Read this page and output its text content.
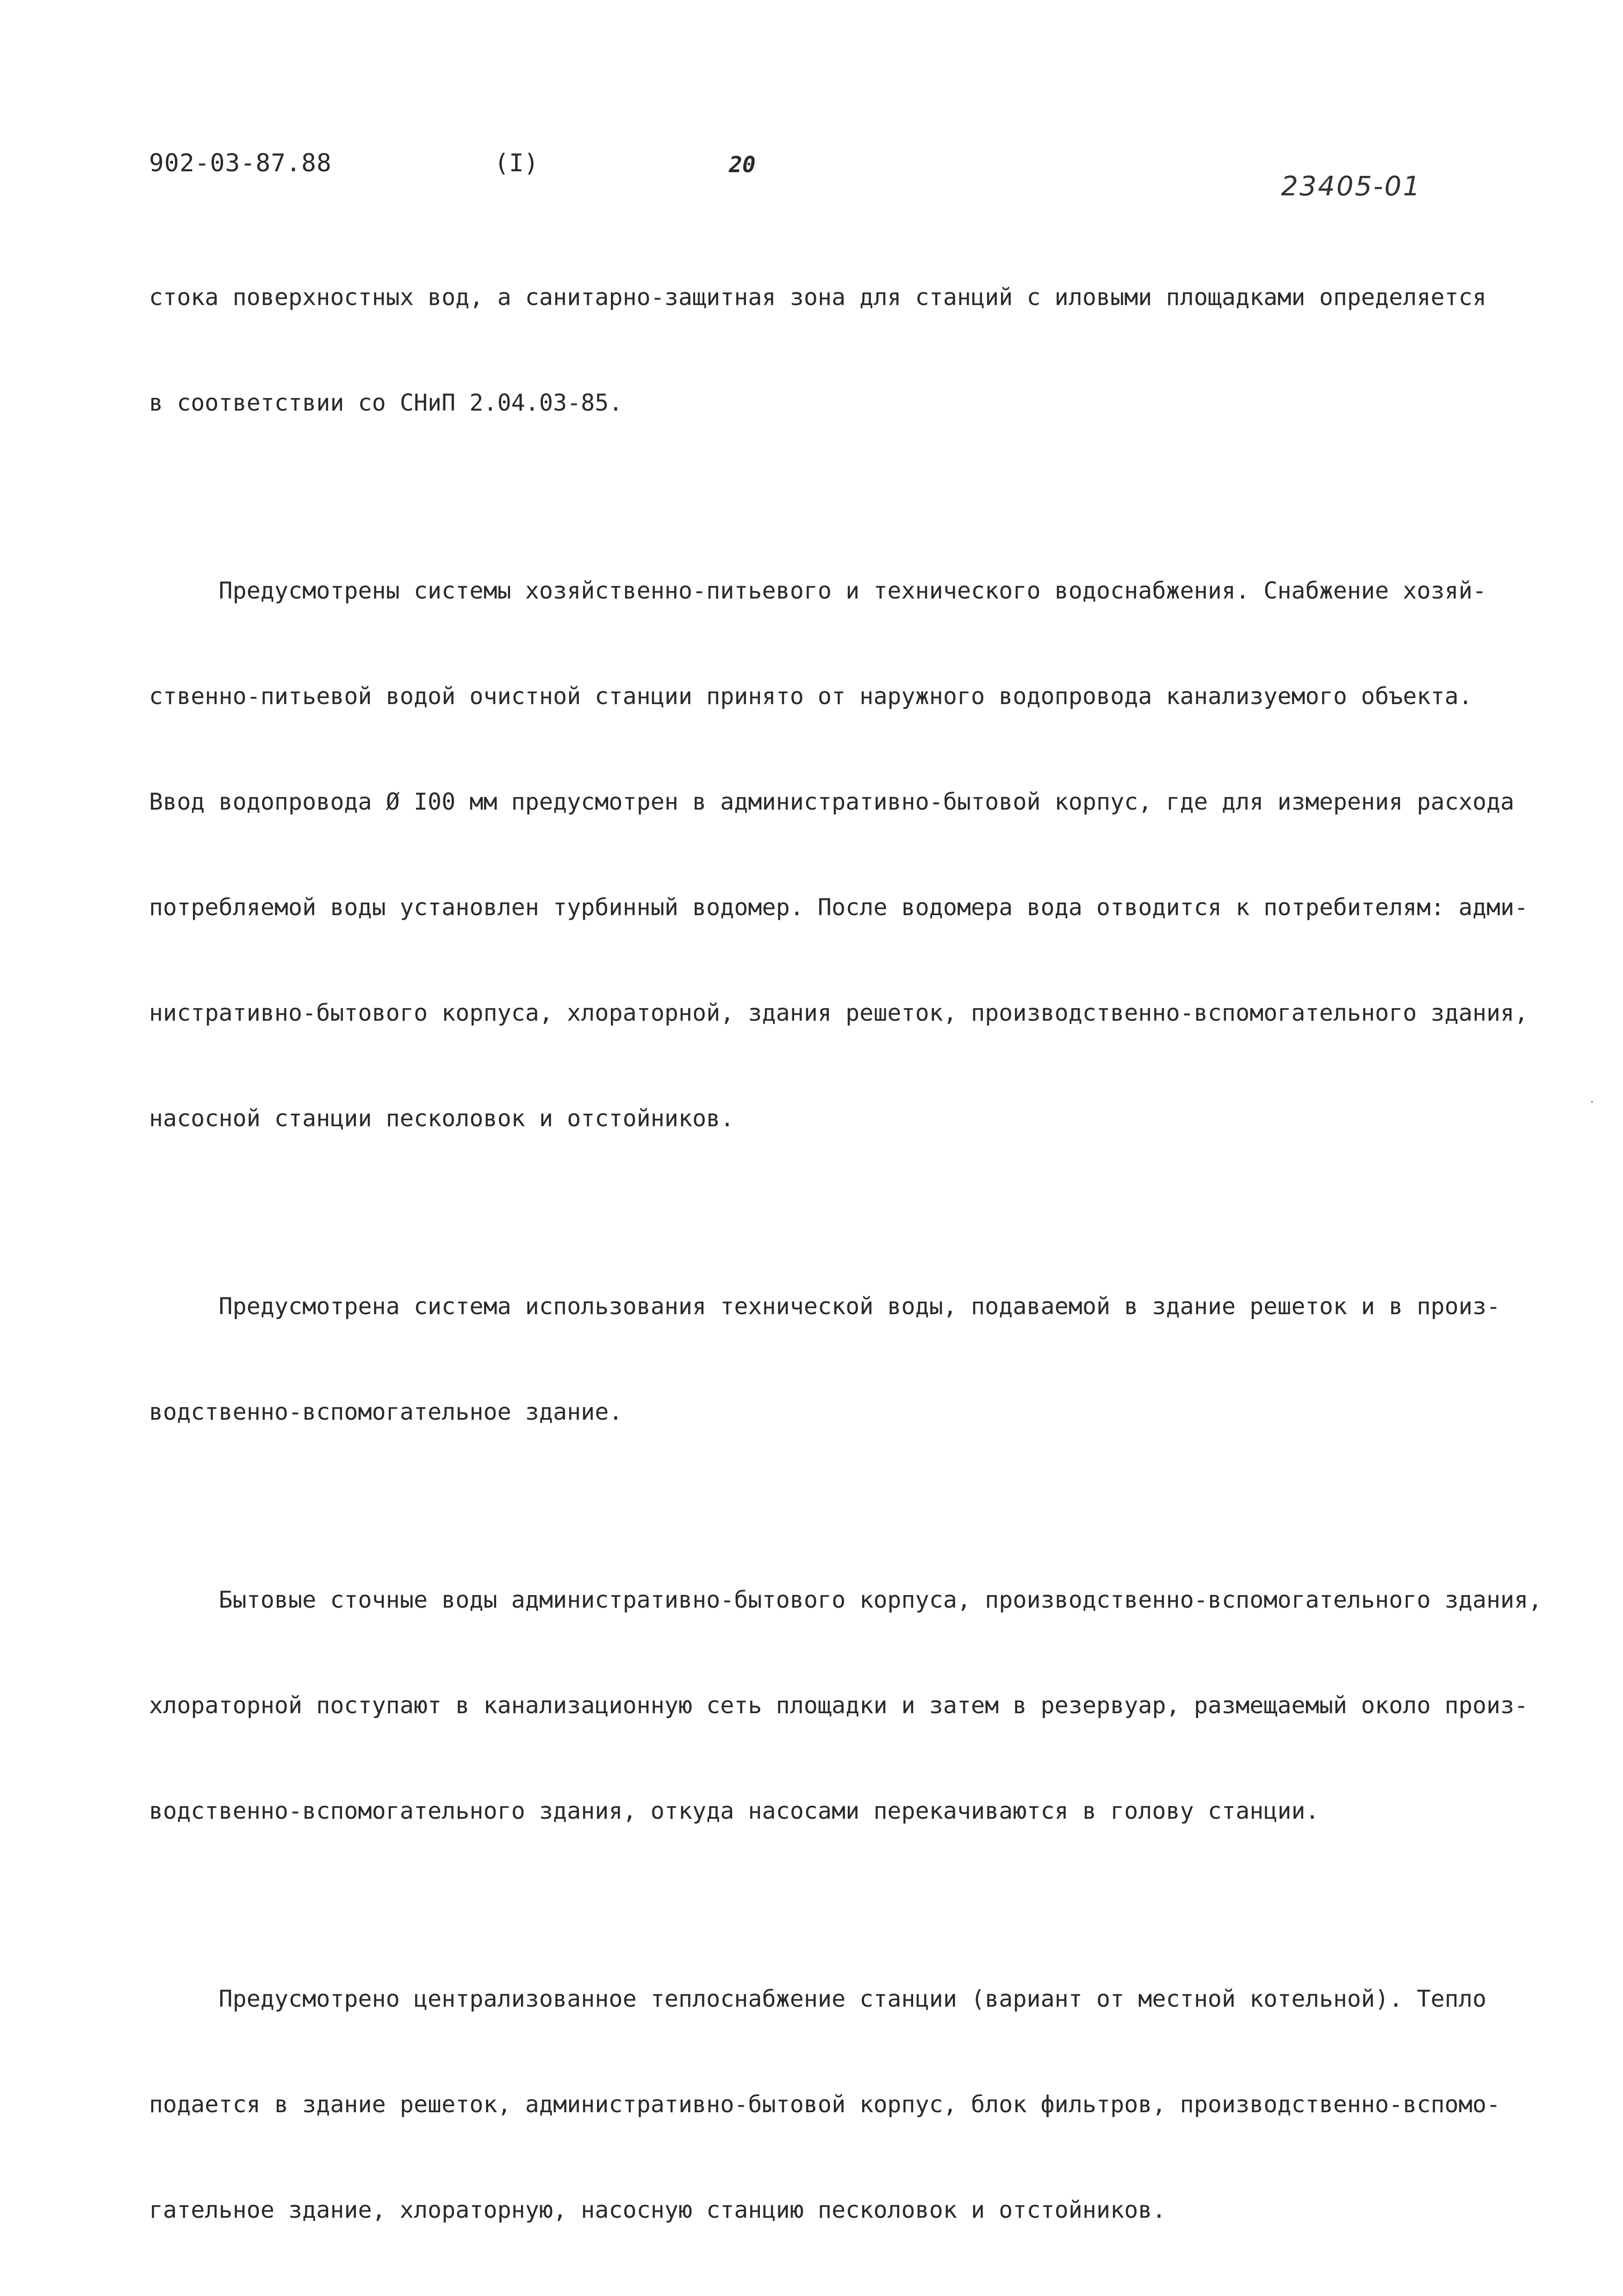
902-03-87.88	(I)	20
23405-01

стока поверхностных вод, а санитарно-защитная зона для станций с иловыми площадками определяется

в соответствии со СНиП 2.04.03-85.

Предусмотрены системы хозяйственно-питьевого и технического водоснабжения. Снабжение хозяй-

ственно-питьевой водой очистной станции принято от наружного водопровода канализуемого объекта.

Ввод водопровода Ø I00 мм предусмотрен в административно-бытовой корпус, где для измерения расхода

потребляемой воды установлен турбинный водомер. После водомера вода отводится к потребителям: адми-

нистративно-бытового корпуса, хлораторной, здания решеток, производственно-вспомогательного здания,

насосной станции песколовок и отстойников.

Предусмотрена система использования технической воды, подаваемой в здание решеток и в произ-

водственно-вспомогательное здание.

Бытовые сточные воды административно-бытового корпуса, производственно-вспомогательного здания,

хлораторной поступают в канализационную сеть площадки и затем в резервуар, размещаемый около произ-

водственно-вспомогательного здания, откуда насосами перекачиваются в голову станции.

Предусмотрено централизованное теплоснабжение станции (вариант от местной котельной). Тепло

подается в здание решеток, административно-бытовой корпус, блок фильтров, производственно-вспомо-

гательное здание, хлораторную, насосную станцию песколовок и отстойников.
